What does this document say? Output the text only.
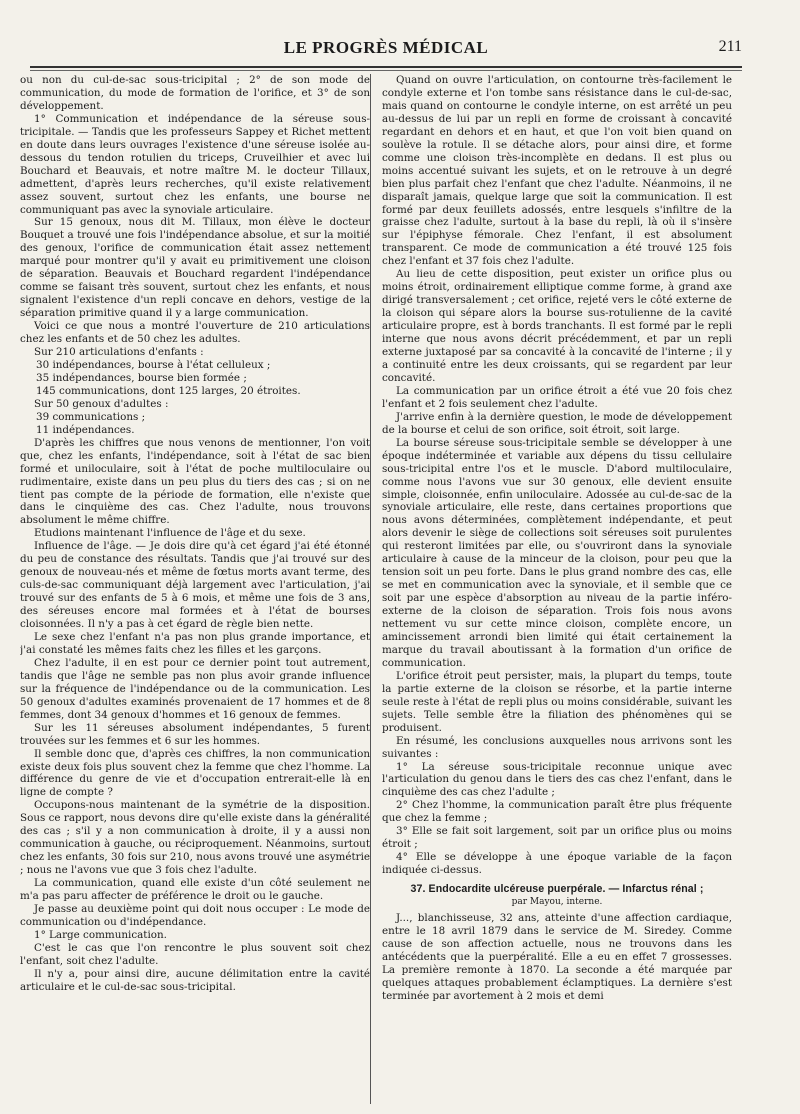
LE PROGRÈS MÉDICAL	211

ou non du cul-de-sac sous-tricipital ; 2° de son mode de communication, du mode de formation de l'orifice, et 3° de son développement.

1° Communication et indépendance de la séreuse sous-tricipitale. — Tandis que les professeurs Sappey et Richet mettent en doute dans leurs ouvrages l'existence d'une séreuse isolée au-dessous du tendon rotulien du triceps, Cruveilhier et avec lui Bouchard et Beauvais, et notre maître M. le docteur Tillaux, admettent, d'après leurs recherches, qu'il existe relativement assez souvent, surtout chez les enfants, une bourse ne communiquant pas avec la synoviale articulaire.

Sur 15 genoux, nous dit M. Tillaux, mon élève le docteur Bouquet a trouvé une fois l'indépendance absolue, et sur la moitié des genoux, l'orifice de communication était assez nettement marqué pour montrer qu'il y avait eu primitivement une cloison de séparation. Beauvais et Bouchard regardent l'indépendance comme se faisant très souvent, surtout chez les enfants, et nous signalent l'existence d'un repli concave en dehors, vestige de la séparation primitive quand il y a large communication.

Voici ce que nous a montré l'ouverture de 210 articulations chez les enfants et de 50 chez les adultes.

Sur 210 articulations d'enfants :

30 indépendances, bourse à l'état celluleux ;

35 indépendances, bourse bien formée ;

145 communications, dont 125 larges, 20 étroites.

Sur 50 genoux d'adultes :

39 communications ;

11 indépendances.

D'après les chiffres que nous venons de mentionner, l'on voit que, chez les enfants, l'indépendance, soit à l'état de sac bien formé et uniloculaire, soit à l'état de poche multiloculaire ou rudimentaire, existe dans un peu plus du tiers des cas ; si on ne tient pas compte de la période de formation, elle n'existe que dans le cinquième des cas. Chez l'adulte, nous trouvons absolument le même chiffre.

Etudions maintenant l'influence de l'âge et du sexe.

Influence de l'âge. — Je dois dire qu'à cet égard j'ai été étonné du peu de constance des résultats. Tandis que j'ai trouvé sur des genoux de nouveau-nés et même de fœtus morts avant terme, des culs-de-sac communiquant déjà largement avec l'articulation, j'ai trouvé sur des enfants de 5 à 6 mois, et même une fois de 3 ans, des séreuses encore mal formées et à l'état de bourses cloisonnées. Il n'y a pas à cet égard de règle bien nette.

Le sexe chez l'enfant n'a pas non plus grande importance, et j'ai constaté les mêmes faits chez les filles et les garçons.

Chez l'adulte, il en est pour ce dernier point tout autrement, tandis que l'âge ne semble pas non plus avoir grande influence sur la fréquence de l'indépendance ou de la communication. Les 50 genoux d'adultes examinés provenaient de 17 hommes et de 8 femmes, dont 34 genoux d'hommes et 16 genoux de femmes.

Sur les 11 séreuses absolument indépendantes, 5 furent trouvées sur les femmes et 6 sur les hommes.

Il semble donc que, d'après ces chiffres, la non communication existe deux fois plus souvent chez la femme que chez l'homme. La différence du genre de vie et d'occupation entrerait-elle là en ligne de compte ?

Occupons-nous maintenant de la symétrie de la disposition. Sous ce rapport, nous devons dire qu'elle existe dans la généralité des cas ; s'il y a non communication à droite, il y a aussi non communication à gauche, ou réciproquement. Néanmoins, surtout chez les enfants, 30 fois sur 210, nous avons trouvé une asymétrie ; nous ne l'avons vue que 3 fois chez l'adulte.

La communication, quand elle existe d'un côté seulement ne m'a pas paru affecter de préférence le droit ou le gauche.

Je passe au deuxième point qui doit nous occuper : Le mode de communication ou d'indépendance.

1° Large communication.

C'est le cas que l'on rencontre le plus souvent soit chez l'enfant, soit chez l'adulte.

Il n'y a, pour ainsi dire, aucune délimitation entre la cavité articulaire et le cul-de-sac sous-tricipital.

Quand on ouvre l'articulation, on contourne très-facilement le condyle externe et l'on tombe sans résistance dans le cul-de-sac, mais quand on contourne le condyle interne, on est arrêté un peu au-dessus de lui par un repli en forme de croissant à concavité regardant en dehors et en haut, et que l'on voit bien quand on soulève la rotule. Il se détache alors, pour ainsi dire, et forme comme une cloison très-incomplète en dedans. Il est plus ou moins accentué suivant les sujets, et on le retrouve à un degré bien plus parfait chez l'enfant que chez l'adulte. Néanmoins, il ne disparaît jamais, quelque large que soit la communication. Il est formé par deux feuillets adossés, entre lesquels s'infiltre de la graisse chez l'adulte, surtout à la base du repli, là où il s'insère sur l'épiphyse fémorale. Chez l'enfant, il est absolument transparent. Ce mode de communication a été trouvé 125 fois chez l'enfant et 37 fois chez l'adulte.

Au lieu de cette disposition, peut exister un orifice plus ou moins étroit, ordinairement elliptique comme forme, à grand axe dirigé transversalement ; cet orifice, rejeté vers le côté externe de la cloison qui sépare alors la bourse sus-rotulienne de la cavité articulaire propre, est à bords tranchants. Il est formé par le repli interne que nous avons décrit précédemment, et par un repli externe juxtaposé par sa concavité à la concavité de l'interne ; il y a continuité entre les deux croissants, qui se regardent par leur concavité.

La communication par un orifice étroit a été vue 20 fois chez l'enfant et 2 fois seulement chez l'adulte.

J'arrive enfin à la dernière question, le mode de développement de la bourse et celui de son orifice, soit étroit, soit large.

La bourse séreuse sous-tricipitale semble se développer à une époque indéterminée et variable aux dépens du tissu cellulaire sous-tricipital entre l'os et le muscle. D'abord multiloculaire, comme nous l'avons vue sur 30 genoux, elle devient ensuite simple, cloisonnée, enfin uniloculaire. Adossée au cul-de-sac de la synoviale articulaire, elle reste, dans certaines proportions que nous avons déterminées, complètement indépendante, et peut alors devenir le siège de collections soit séreuses soit purulentes qui resteront limitées par elle, ou s'ouvriront dans la synoviale articulaire à cause de la minceur de la cloison, pour peu que la tension soit un peu forte. Dans le plus grand nombre des cas, elle se met en communication avec la synoviale, et il semble que ce soit par une espèce d'absorption au niveau de la partie inféro-externe de la cloison de séparation. Trois fois nous avons nettement vu sur cette mince cloison, complète encore, un amincissement arrondi bien limité qui était certainement la marque du travail aboutissant à la formation d'un orifice de communication.

L'orifice étroit peut persister, mais, la plupart du temps, toute la partie externe de la cloison se résorbe, et la partie interne seule reste à l'état de repli plus ou moins considérable, suivant les sujets. Telle semble être la filiation des phénomènes qui se produisent.

En résumé, les conclusions auxquelles nous arrivons sont les suivantes :

1° La séreuse sous-tricipitale reconnue unique avec l'articulation du genou dans le tiers des cas chez l'enfant, dans le cinquième des cas chez l'adulte ;

2° Chez l'homme, la communication paraît être plus fréquente que chez la femme ;

3° Elle se fait soit largement, soit par un orifice plus ou moins étroit ;

4° Elle se développe à une époque variable de la façon indiquée ci-dessus.

37. Endocardite ulcéreuse puerpérale. — Infarctus rénal ;
par Mayou, interne.

J..., blanchisseuse, 32 ans, atteinte d'une affection cardiaque, entre le 18 avril 1879 dans le service de M. Siredey. Comme cause de son affection actuelle, nous ne trouvons dans les antécédents que la puerpéralité. Elle a eu en effet 7 grossesses. La première remonte à 1870. La seconde a été marquée par quelques attaques probablement éclamptiques. La dernière s'est terminée par avortement à 2 mois et demi
